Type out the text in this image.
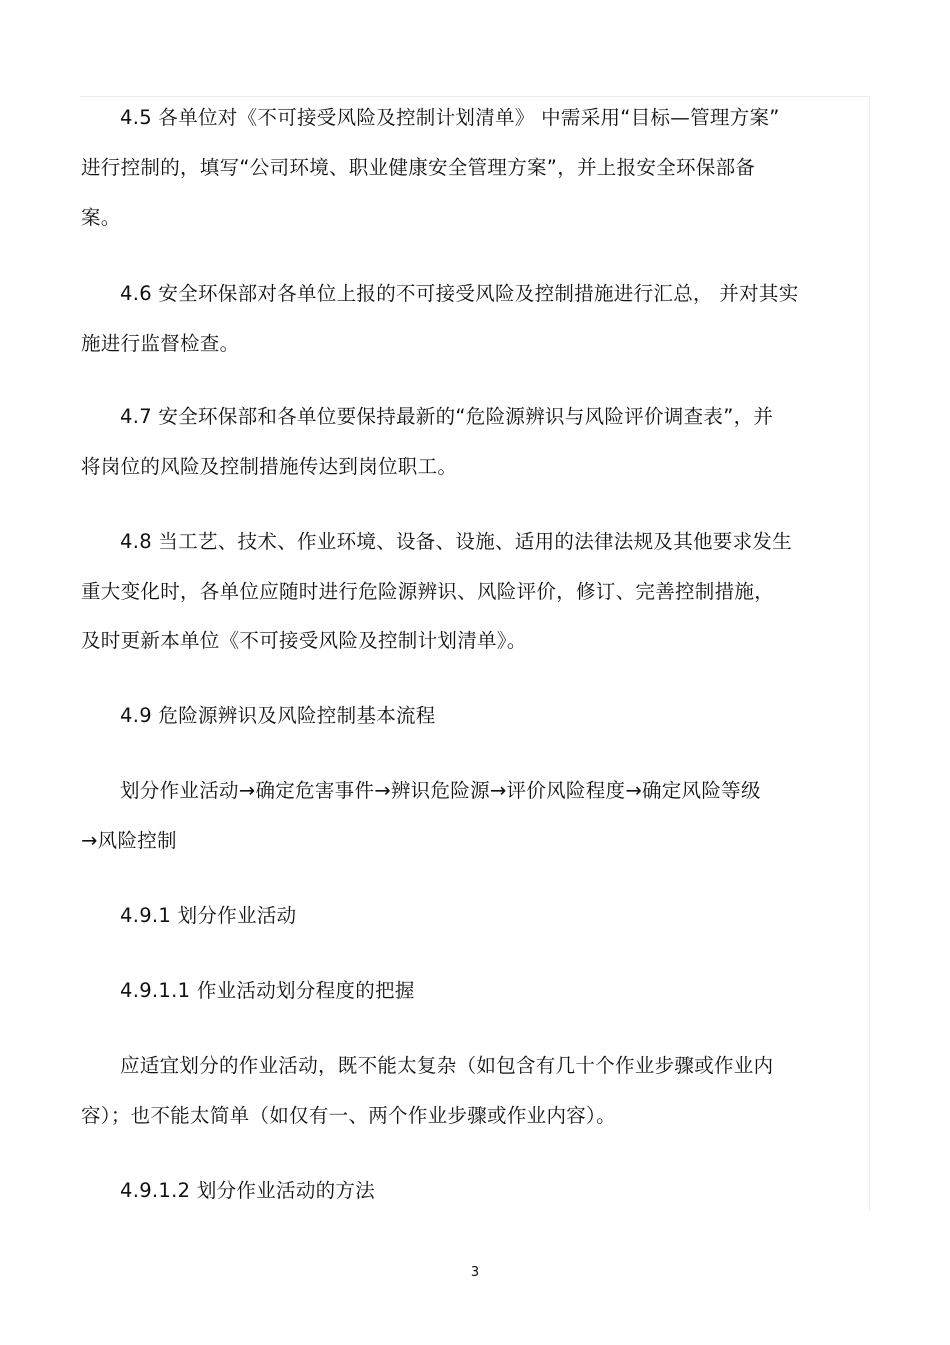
4.5 各单位对《不可接受风险及控制计划清单》 中需采用“目标—管理方案”
进行控制的，填写“公司环境、职业健康安全管理方案”，并上报安全环保部备
案。
4.6 安全环保部对各单位上报的不可接受风险及控制措施进行汇总， 并对其实
施进行监督检查。
4.7 安全环保部和各单位要保持最新的“危险源辨识与风险评价调查表”，并
将岗位的风险及控制措施传达到岗位职工。
4.8 当工艺、技术、作业环境、设备、设施、适用的法律法规及其他要求发生
重大变化时，各单位应随时进行危险源辨识、风险评价，修订、完善控制措施，
及时更新本单位《不可接受风险及控制计划清单》。
4.9 危险源辨识及风险控制基本流程
划分作业活动→确定危害事件→辨识危险源→评价风险程度→确定风险等级
→风险控制
4.9.1 划分作业活动
4.9.1.1 作业活动划分程度的把握
应适宜划分的作业活动，既不能太复杂（如包含有几十个作业步骤或作业内
容）；也不能太简单（如仅有一、两个作业步骤或作业内容）。
4.9.1.2 划分作业活动的方法
3
